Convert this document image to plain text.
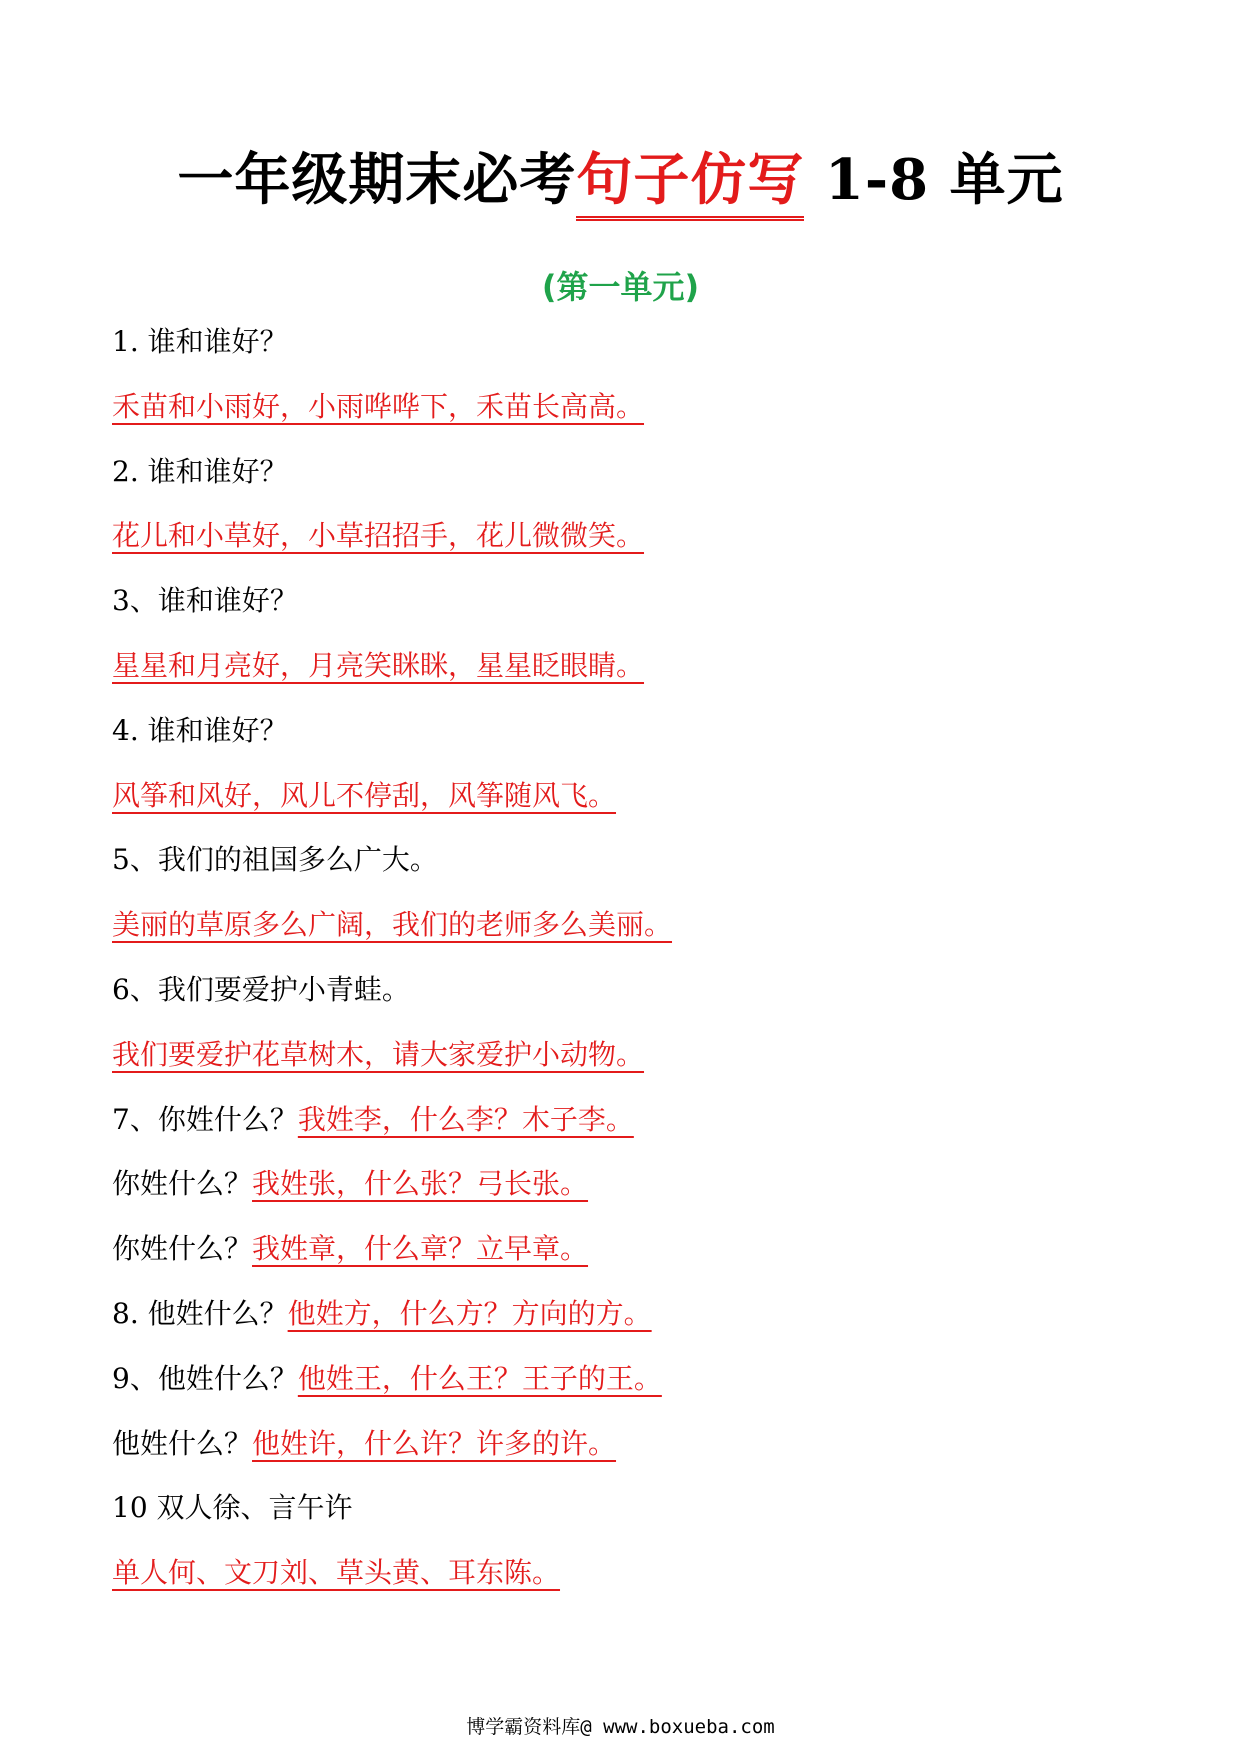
一年级期末必考句子仿写 1-8 单元
(第一单元)
1. 谁和谁好？
禾苗和小雨好，小雨哗哗下，禾苗长高高。
2. 谁和谁好？
花儿和小草好，小草招招手，花儿微微笑。
3、谁和谁好？
星星和月亮好，月亮笑眯眯，星星眨眼睛。
4. 谁和谁好？
风筝和风好，风儿不停刮，风筝随风飞。
5、我们的祖国多么广大。
美丽的草原多么广阔，我们的老师多么美丽。
6、我们要爱护小青蛙。
我们要爱护花草树木，请大家爱护小动物。
7、你姓什么？我姓李，什么李？木子李。
你姓什么？我姓张，什么张？弓长张。
你姓什么？我姓章，什么章？立早章。
8. 他姓什么？他姓方，什么方？方向的方。
9、他姓什么？他姓王，什么王？王子的王。
他姓什么？他姓许，什么许？许多的许。
10 双人徐、言午许
单人何、文刀刘、草头黄、耳东陈。
博学霸资料库@ www.boxueba.com
